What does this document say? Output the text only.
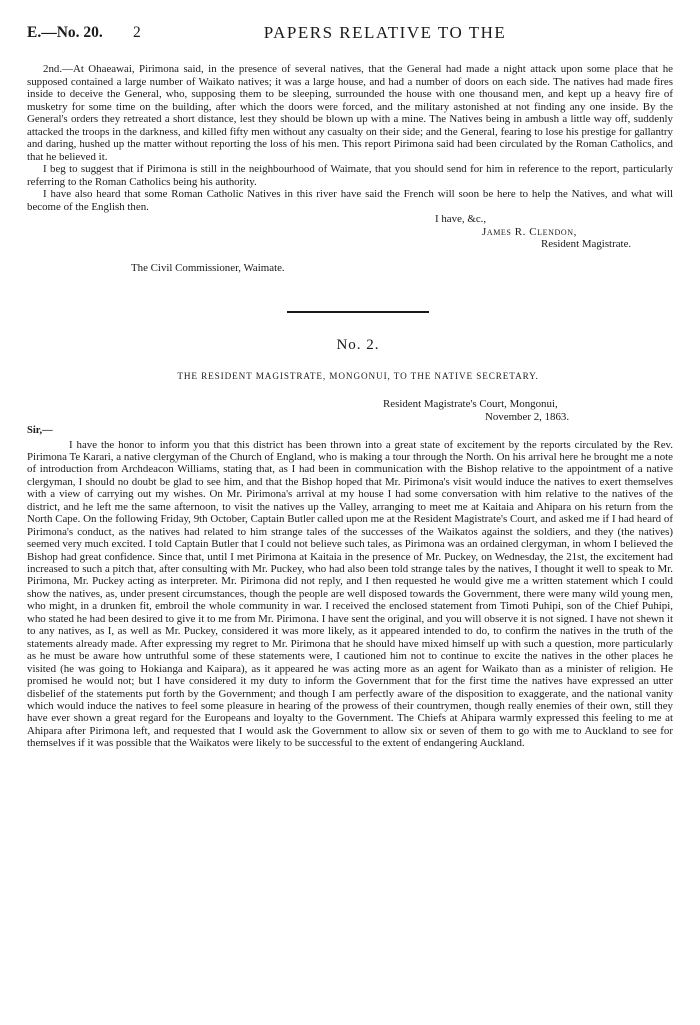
E.—No. 20. 2	PAPERS RELATIVE TO THE

2nd.—At Ohaeawai, Pirimona said, in the presence of several natives, that the General had made a night attack upon some place that he supposed contained a large number of Waikato natives; it was a large house, and had a number of doors on each side. The natives had made fires inside to deceive the General, who, supposing them to be sleeping, surrounded the house with one thousand men, and kept up a heavy fire of musketry for some time on the building, after which the doors were forced, and the military astonished at not finding any one inside. By the General's orders they retreated a short distance, lest they should be blown up with a mine. The Natives being in ambush a little way off, suddenly attacked the troops in the darkness, and killed fifty men without any casualty on their side; and the General, fearing to lose his prestige for gallantry and daring, hushed up the matter without reporting the loss of his men. This report Pirimona said had been circulated by the Roman Catholics, and that he believed it.

I beg to suggest that if Pirimona is still in the neighbourhood of Waimate, that you should send for him in reference to the report, particularly referring to the Roman Catholics being his authority.

I have also heard that some Roman Catholic Natives in this river have said the French will soon be here to help the Natives, and what will become of the English then.

I have, &c.,

James R. Clendon,

Resident Magistrate.

The Civil Commissioner, Waimate.

No. 2.
THE RESIDENT MAGISTRATE, MONGONUI, TO THE NATIVE SECRETARY.

Resident Magistrate's Court, Mongonui,

November 2, 1863.

Sir,—

I have the honor to inform you that this district has been thrown into a great state of excitement by the reports circulated by the Rev. Pirimona Te Karari, a native clergyman of the Church of England, who is making a tour through the North. On his arrival here he brought me a note of introduction from Archdeacon Williams, stating that, as I had been in communication with the Bishop relative to the appointment of a native clergyman, I should no doubt be glad to see him, and that the Bishop hoped that Mr. Pirimona's visit would induce the natives to exert themselves with a view of carrying out my wishes. On Mr. Pirimona's arrival at my house I had some conversation with him relative to the natives of the district, and he left me the same afternoon, to visit the natives up the Valley, arranging to meet me at Kaitaia and Ahipara on his return from the North Cape. On the following Friday, 9th October, Captain Butler called upon me at the Resident Magistrate's Court, and asked me if I had heard of Pirimona's conduct, as the natives had related to him strange tales of the successes of the Waikatos against the soldiers, and they (the natives) seemed very much excited. I told Captain Butler that I could not believe such tales, as Pirimona was an ordained clergyman, in whom I believed the Bishop had great confidence. Since that, until I met Pirimona at Kaitaia in the presence of Mr. Puckey, on Wednesday, the 21st, the excitement had increased to such a pitch that, after consulting with Mr. Puckey, who had also been told strange tales by the natives, I thought it well to speak to Mr. Pirimona, Mr. Puckey acting as interpreter. Mr. Pirimona did not reply, and I then requested he would give me a written statement which I could show the natives, as, under present circumstances, though the people are well disposed towards the Government, there were many wild young men, who might, in a drunken fit, embroil the whole community in war. I received the enclosed statement from Timoti Puhipi, son of the Chief Puhipi, who stated he had been desired to give it to me from Mr. Pirimona. I have sent the original, and you will observe it is not signed. I have not shewn it to any natives, as I, as well as Mr. Puckey, considered it was more likely, as it appeared intended to do, to confirm the natives in the truth of the statements already made. After expressing my regret to Mr. Pirimona that he should have mixed himself up with such a question, more particularly as he must be aware how untruthful some of these statements were, I cautioned him not to continue to excite the natives in the other places he visited (he was going to Hokianga and Kaipara), as it appeared he was acting more as an agent for Waikato than as a minister of religion. He promised he would not; but I have considered it my duty to inform the Government that for the first time the natives have expressed an utter disbelief of the statements put forth by the Government; and though I am perfectly aware of the disposition to exaggerate, and the national vanity which would induce the natives to feel some pleasure in hearing of the prowess of their countrymen, though really enemies of their own, still they have ever shown a great regard for the Europeans and loyalty to the Government. The Chiefs at Ahipara warmly expressed this feeling to me at Ahipara after Pirimona left, and requested that I would ask the Government to allow six or seven of them to go with me to Auckland to see for themselves if it was possible that the Waikatos were likely to be successful to the extent of endangering Auckland.
